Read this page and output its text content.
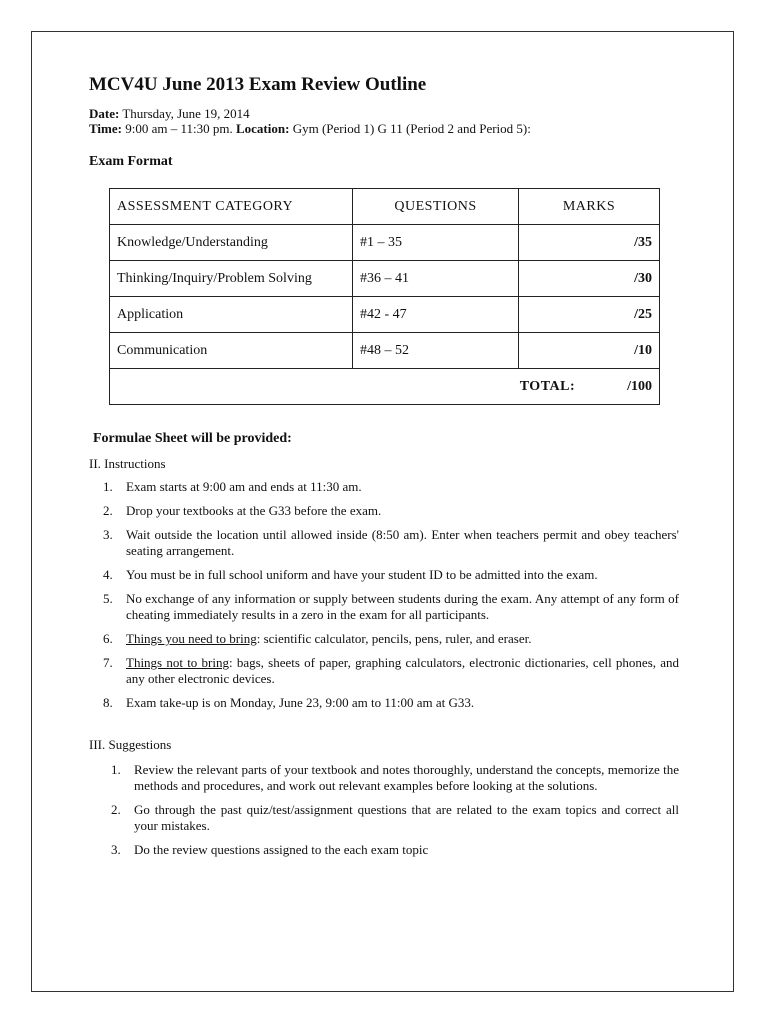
MCV4U June 2013 Exam Review Outline
Date: Thursday, June 19, 2014
Time: 9:00 am – 11:30 pm. Location: Gym (Period 1) G 11 (Period 2 and Period 5):
Exam Format
ASSESSMENT CATEGORY	QUESTIONS	MARKS
Knowledge/Understanding	#1 – 35	/35
Thinking/Inquiry/Problem Solving	#36 – 41	/30
Application	#42 - 47	/25
Communication	#48 – 52	/10
TOTAL: /100		
Formulae Sheet will be provided:
II. Instructions
1. Exam starts at 9:00 am and ends at 11:30 am.
2. Drop your textbooks at the G33 before the exam.
3. Wait outside the location until allowed inside (8:50 am). Enter when teachers permit and obey teachers' seating arrangement.
4. You must be in full school uniform and have your student ID to be admitted into the exam.
5. No exchange of any information or supply between students during the exam. Any attempt of any form of cheating immediately results in a zero in the exam for all participants.
6. Things you need to bring: scientific calculator, pencils, pens, ruler, and eraser.
7. Things not to bring: bags, sheets of paper, graphing calculators, electronic dictionaries, cell phones, and any other electronic devices.
8. Exam take-up is on Monday, June 23, 9:00 am to 11:00 am at G33.
III. Suggestions
1. Review the relevant parts of your textbook and notes thoroughly, understand the concepts, memorize the methods and procedures, and work out relevant examples before looking at the solutions.
2. Go through the past quiz/test/assignment questions that are related to the exam topics and correct all your mistakes.
3. Do the review questions assigned to the each exam topic
